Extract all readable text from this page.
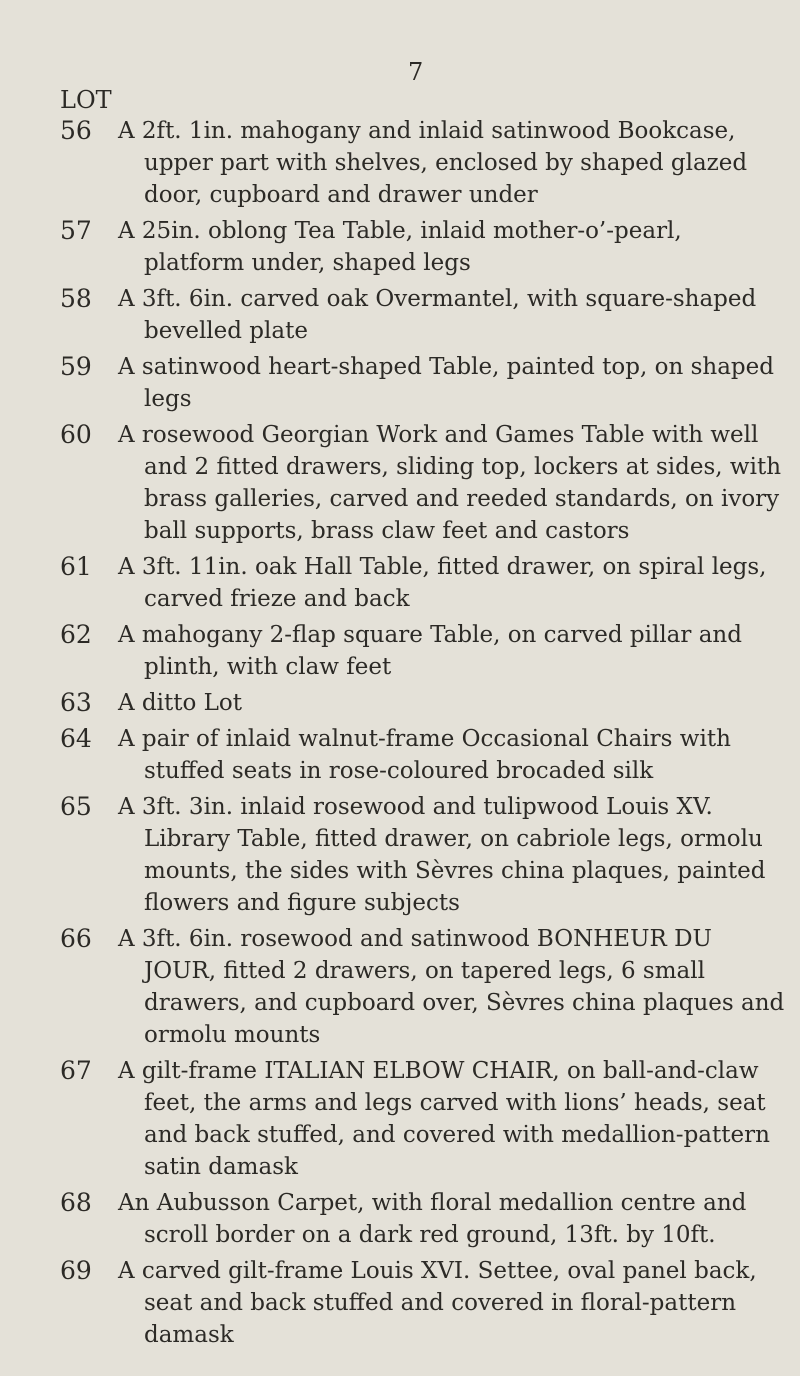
7
LOT
56 A 2ft. 1in. mahogany and inlaid satinwood Bookcase, upper part with shelves, enclosed by shaped glazed door, cupboard and drawer under
57 A 25in. oblong Tea Table, inlaid mother-o’-pearl, platform under, shaped legs
58 A 3ft. 6in. carved oak Overmantel, with square-shaped bevelled plate
59 A satinwood heart-shaped Table, painted top, on shaped legs
60 A rosewood Georgian Work and Games Table with well and 2 fitted drawers, sliding top, lockers at sides, with brass galleries, carved and reeded standards, on ivory ball supports, brass claw feet and castors
61 A 3ft. 11in. oak Hall Table, fitted drawer, on spiral legs, carved frieze and back
62 A mahogany 2-flap square Table, on carved pillar and plinth, with claw feet
63 A ditto Lot
64 A pair of inlaid walnut-frame Occasional Chairs with stuffed seats in rose-coloured brocaded silk
65 A 3ft. 3in. inlaid rosewood and tulipwood Louis XV. Library Table, fitted drawer, on cabriole legs, ormolu mounts, the sides with Sèvres china plaques, painted flowers and figure subjects
66 A 3ft. 6in. rosewood and satinwood BONHEUR DU JOUR, fitted 2 drawers, on tapered legs, 6 small drawers, and cupboard over, Sèvres china plaques and ormolu mounts
67 A gilt-frame ITALIAN ELBOW CHAIR, on ball-and-claw feet, the arms and legs carved with lions’ heads, seat and back stuffed, and covered with medallion-pattern satin damask
68 An Aubusson Carpet, with floral medallion centre and scroll border on a dark red ground, 13ft. by 10ft.
69 A carved gilt-frame Louis XVI. Settee, oval panel back, seat and back stuffed and covered in floral-pattern damask
